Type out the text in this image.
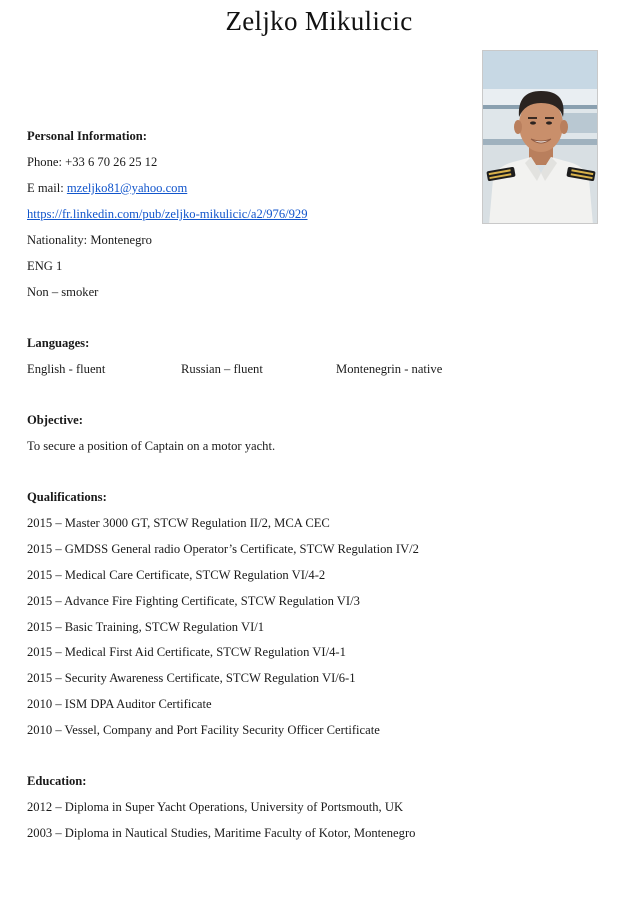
Zeljko Mikulicic
Personal Information:
Phone: +33 6 70 26 25 12
E mail: mzeljko81@yahoo.com
https://fr.linkedin.com/pub/zeljko-mikulicic/a2/976/929
Nationality: Montenegro
ENG 1
Non – smoker
Languages:
English - fluent	Russian – fluent	Montenegrin - native
Objective:
To secure a position of Captain on a motor yacht.
Qualifications:
2015 – Master 3000 GT, STCW Regulation II/2, MCA CEC
2015 – GMDSS General radio Operator’s Certificate, STCW Regulation IV/2
2015 – Medical Care Certificate, STCW Regulation VI/4-2
2015 – Advance Fire Fighting Certificate, STCW Regulation VI/3
2015 – Basic Training, STCW Regulation VI/1
2015 – Medical First Aid Certificate, STCW Regulation VI/4-1
2015 – Security Awareness Certificate, STCW Regulation VI/6-1
2010 – ISM DPA Auditor Certificate
2010 – Vessel, Company and Port Facility Security Officer Certificate
Education:
2012 – Diploma in Super Yacht Operations, University of Portsmouth, UK
2003 – Diploma in Nautical Studies, Maritime Faculty of Kotor, Montenegro
